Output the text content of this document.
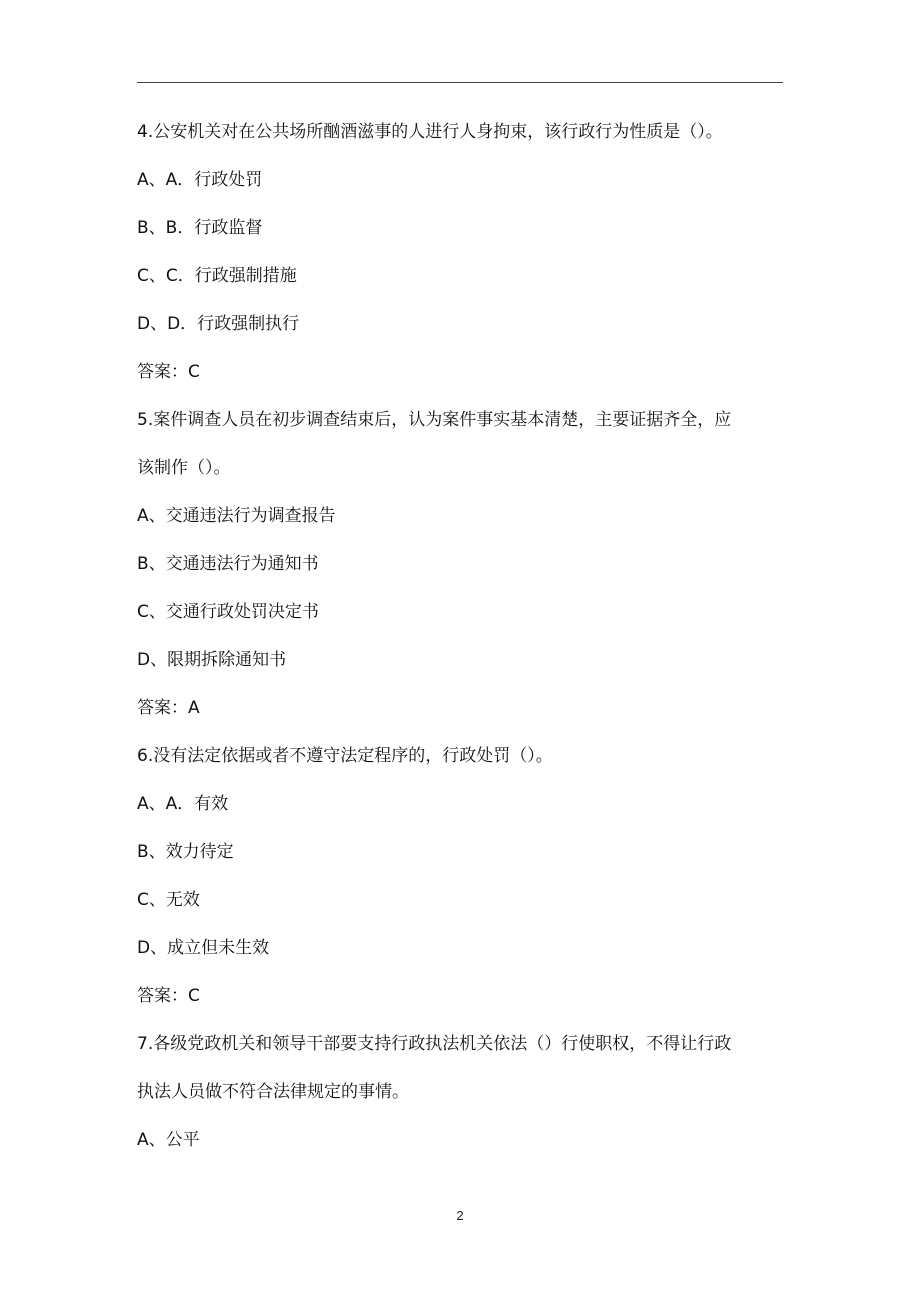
4.公安机关对在公共场所酗酒滋事的人进行人身拘束，该行政行为性质是（）。
A、A．行政处罚
B、B．行政监督
C、C．行政强制措施
D、D．行政强制执行
答案：C
5.案件调查人员在初步调查结束后，认为案件事实基本清楚，主要证据齐全，应
该制作（）。
A、交通违法行为调查报告
B、交通违法行为通知书
C、交通行政处罚决定书
D、限期拆除通知书
答案：A
6.没有法定依据或者不遵守法定程序的，行政处罚（）。
A、A．有效
B、效力待定
C、无效
D、成立但未生效
答案：C
7.各级党政机关和领导干部要支持行政执法机关依法（）行使职权，不得让行政
执法人员做不符合法律规定的事情。
A、公平
2
